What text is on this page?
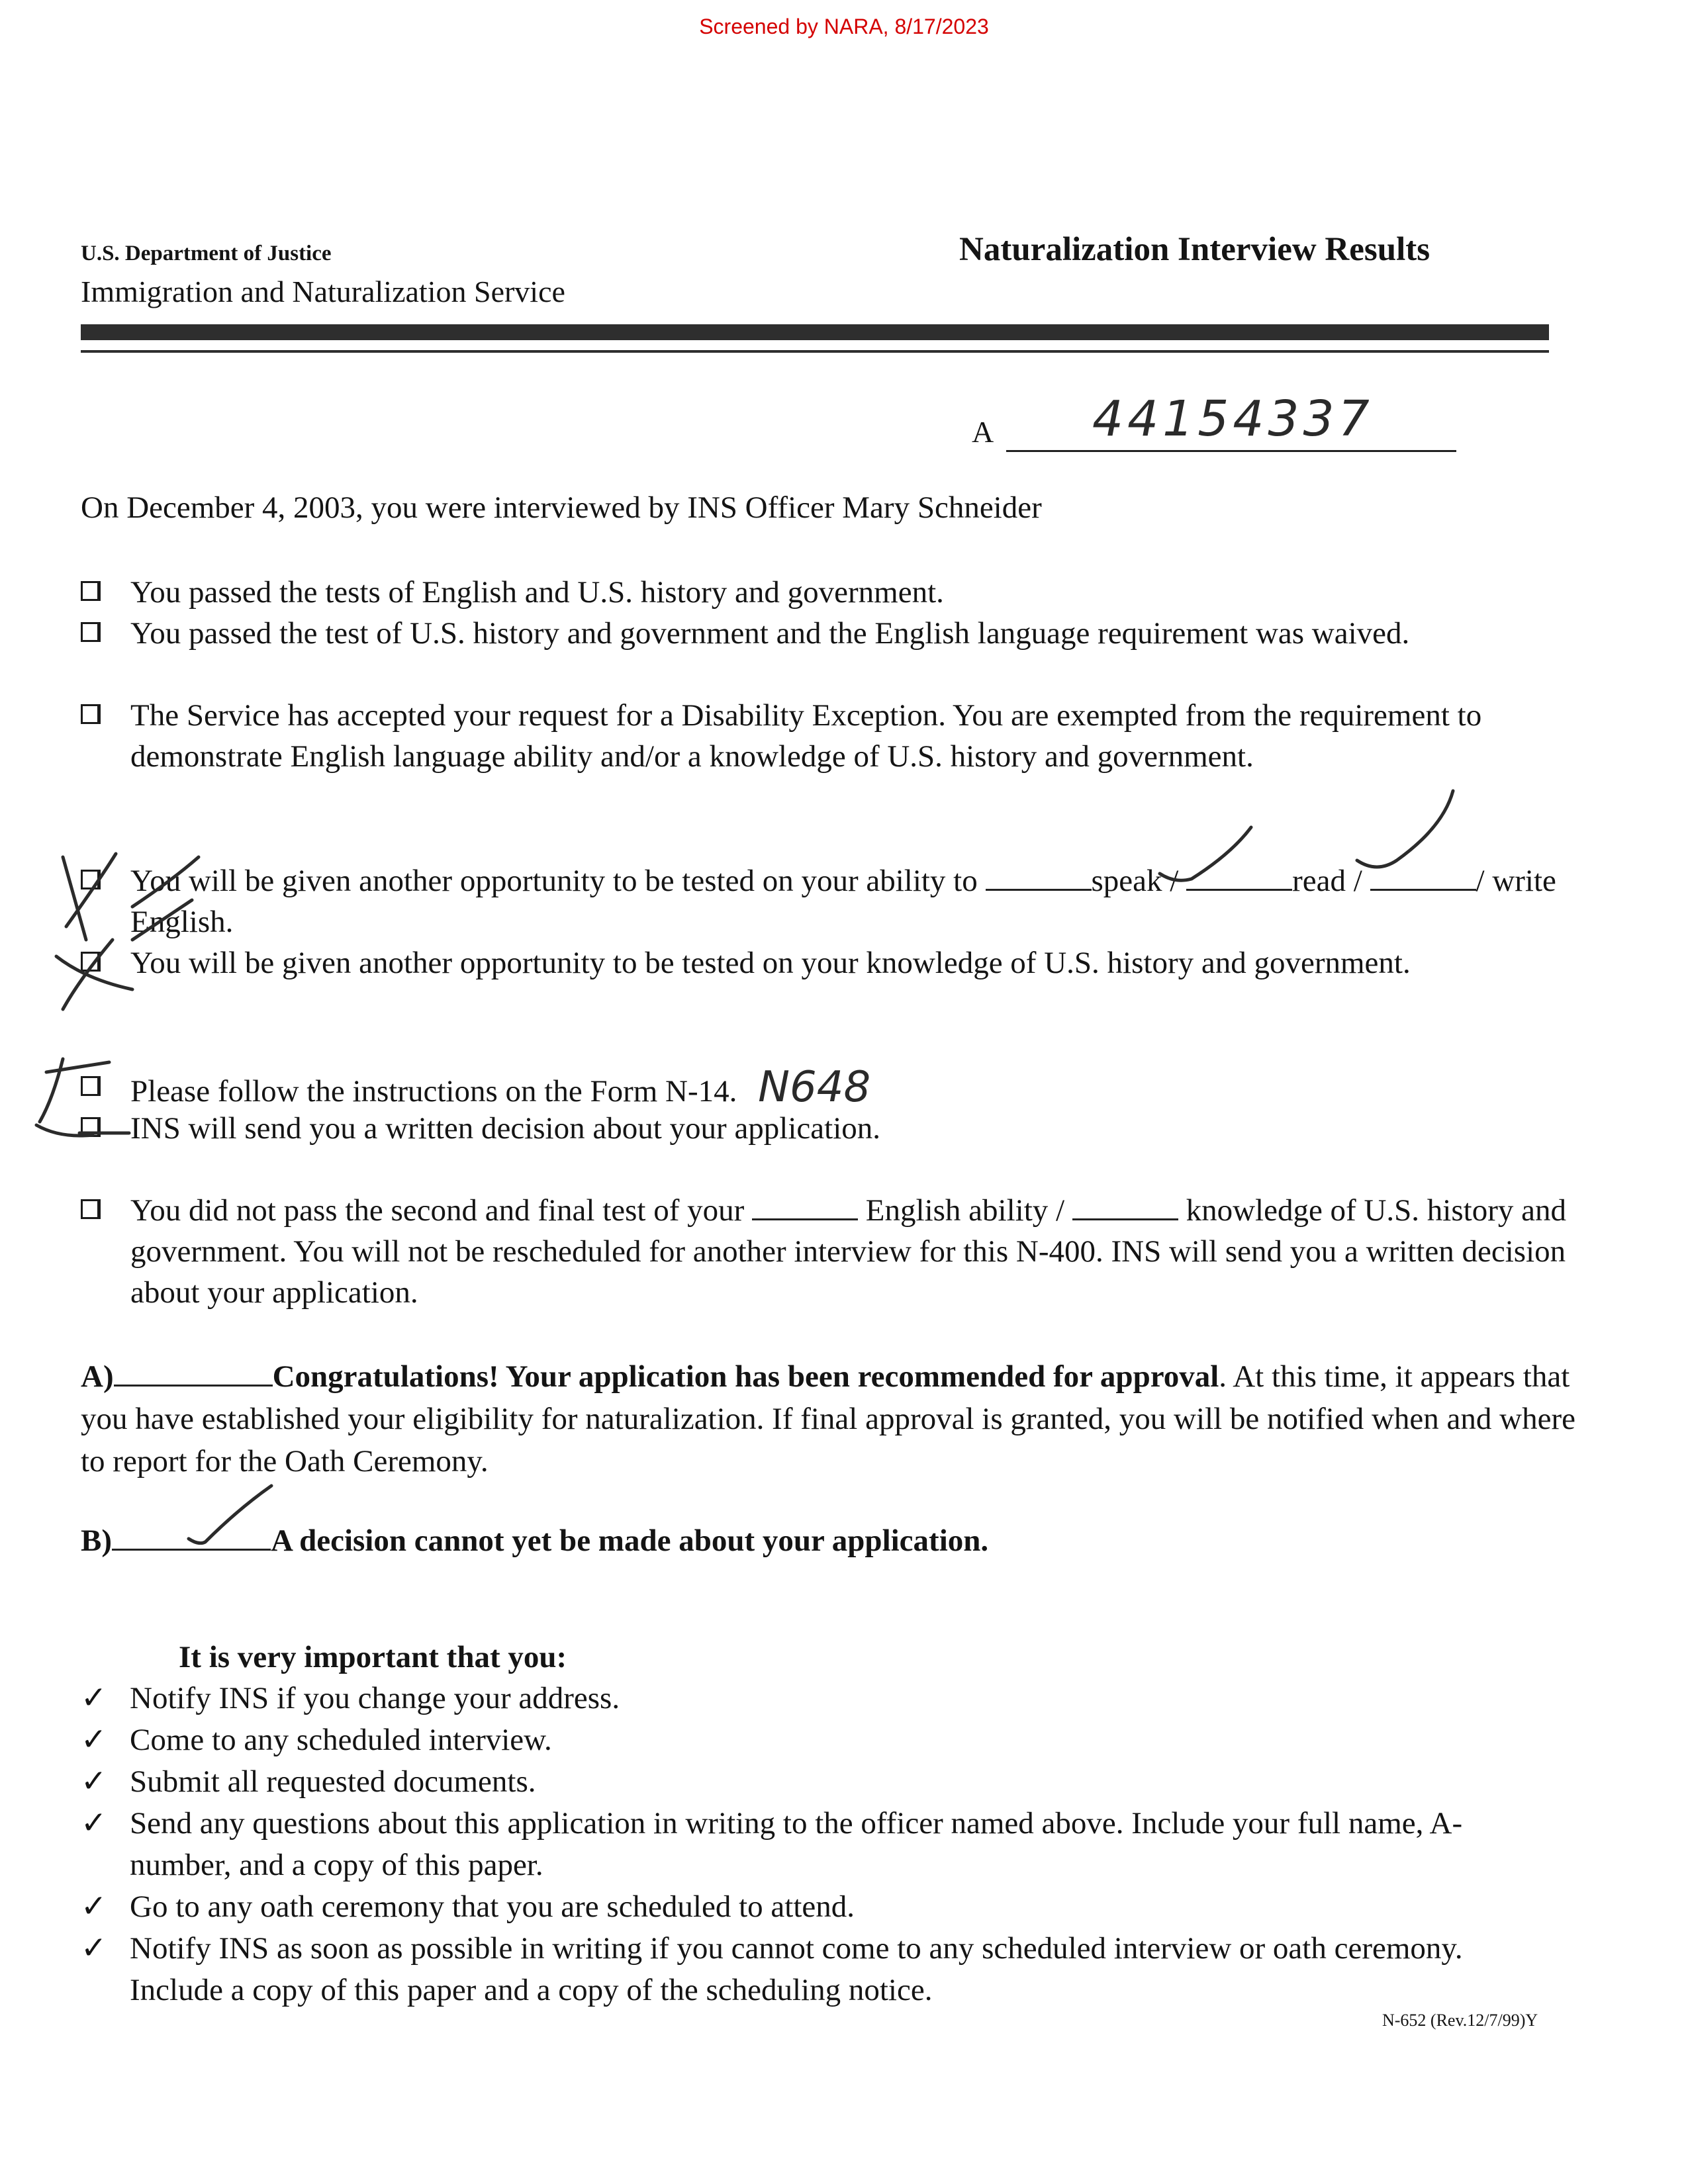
Screened by NARA, 8/17/2023
U.S. Department of Justice
Immigration and Naturalization Service
Naturalization Interview Results
A 44154337
On December 4, 2003, you were interviewed by INS Officer Mary Schneider
You passed the tests of English and U.S. history and government.
You passed the test of U.S. history and government and the English language requirement was waived.
The Service has accepted your request for a Disability Exception. You are exempted from the requirement to demonstrate English language ability and/or a knowledge of U.S. history and government.
You will be given another opportunity to be tested on your ability to	speak /	read /	/ write English.
You will be given another opportunity to be tested on your knowledge of U.S. history and government.
Please follow the instructions on the Form N-14. N648
INS will send you a written decision about your application.
You did not pass the second and final test of your	English ability /	knowledge of U.S. history and government. You will not be rescheduled for another interview for this N-400. INS will send you a written decision about your application.
A)	Congratulations! Your application has been recommended for approval. At this time, it appears that you have established your eligibility for naturalization. If final approval is granted, you will be notified when and where to report for the Oath Ceremony.
B)	A decision cannot yet be made about your application.
It is very important that you:
✓ Notify INS if you change your address.
✓ Come to any scheduled interview.
✓ Submit all requested documents.
✓ Send any questions about this application in writing to the officer named above. Include your full name, A-number, and a copy of this paper.
✓ Go to any oath ceremony that you are scheduled to attend.
✓ Notify INS as soon as possible in writing if you cannot come to any scheduled interview or oath ceremony. Include a copy of this paper and a copy of the scheduling notice.
N-652 (Rev.12/7/99)Y
